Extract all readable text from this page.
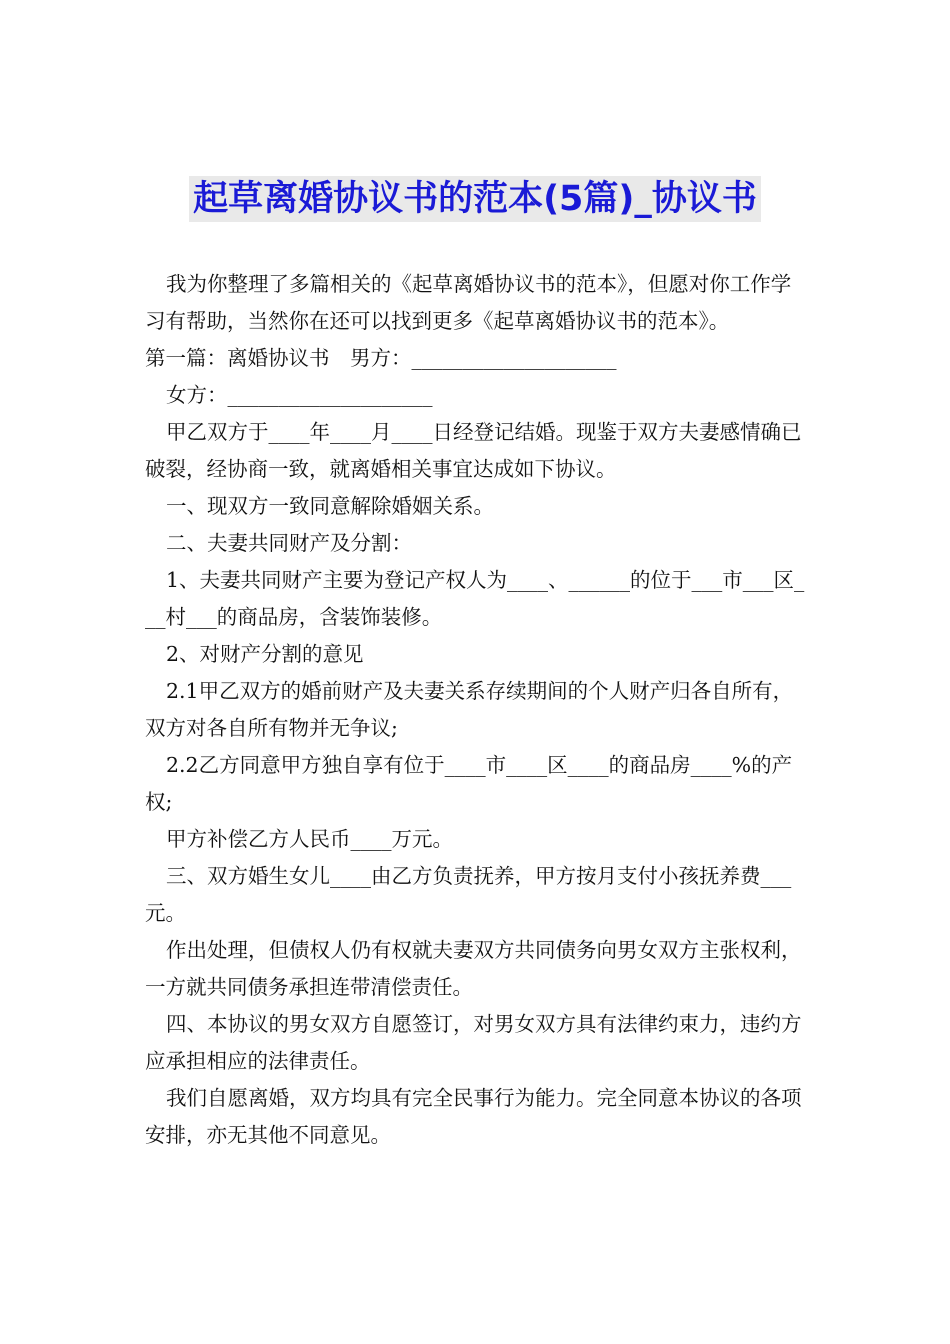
起草离婚协议书的范本(5篇)_协议书

我为你整理了多篇相关的《起草离婚协议书的范本》，但愿对你工作学习有帮助，当然你在还可以找到更多《起草离婚协议书的范本》。

第一篇：离婚协议书　男方：____________________

女方：____________________

甲乙双方于____年____月____日经登记结婚。现鉴于双方夫妻感情确已破裂，经协商一致，就离婚相关事宜达成如下协议。

一、现双方一致同意解除婚姻关系。

二、夫妻共同财产及分割：

1、夫妻共同财产主要为登记产权人为____、______的位于___市___区___村___的商品房，含装饰装修。

2、对财产分割的意见

2.1甲乙双方的婚前财产及夫妻关系存续期间的个人财产归各自所有，双方对各自所有物并无争议;

2.2乙方同意甲方独自享有位于____市____区____的商品房____%的产权;

甲方补偿乙方人民币____万元。

三、双方婚生女儿____由乙方负责抚养，甲方按月支付小孩抚养费___元。

作出处理，但债权人仍有权就夫妻双方共同债务向男女双方主张权利，一方就共同债务承担连带清偿责任。

四、本协议的男女双方自愿签订，对男女双方具有法律约束力，违约方应承担相应的法律责任。

我们自愿离婚，双方均具有完全民事行为能力。完全同意本协议的各项安排，亦无其他不同意见。
